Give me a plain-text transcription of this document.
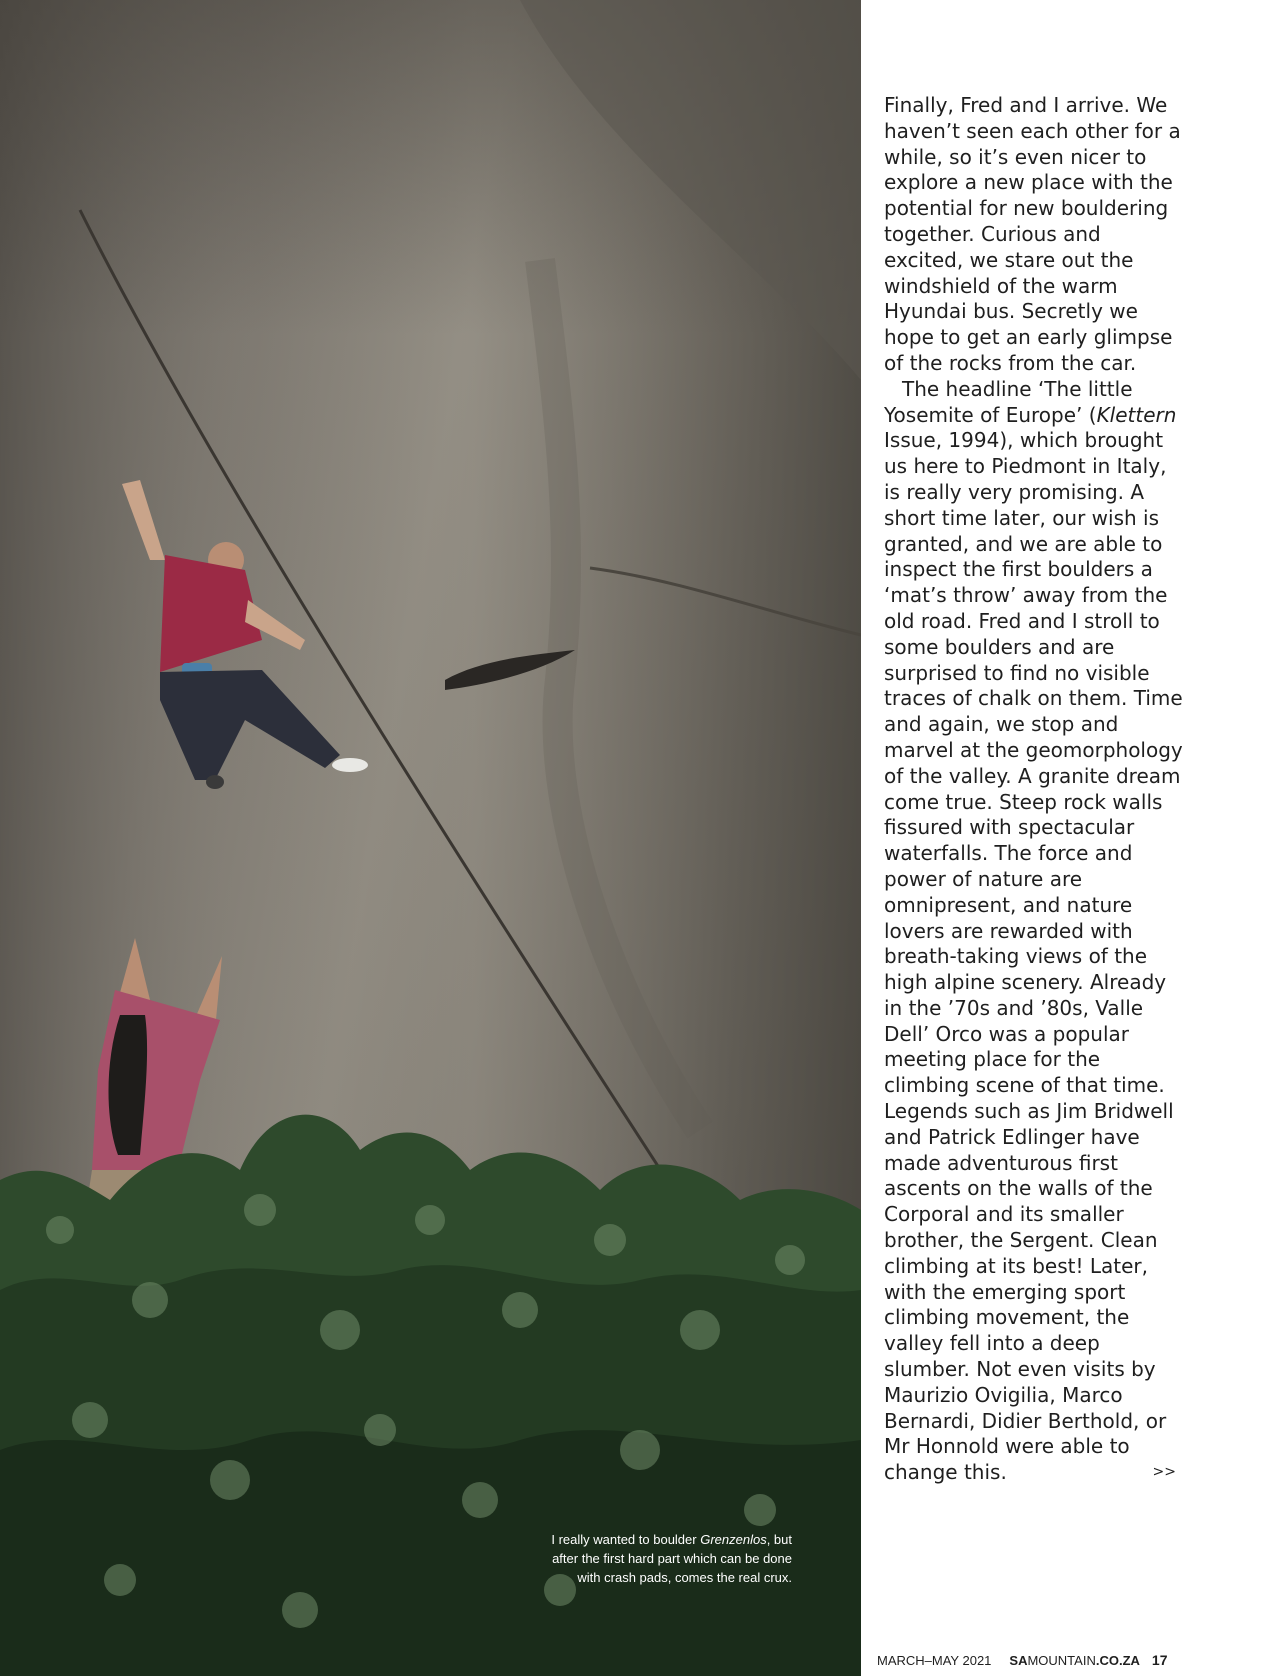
I really wanted to boulder Grenzenlos, but
after the first hard part which can be done
with crash pads, comes the real crux.

Finally, Fred and I arrive. We haven’t seen each other for a while, so it’s even nicer to explore a new place with the potential for new bouldering together. Curious and excited, we stare out the windshield of the warm Hyundai bus. Secretly we hope to get an early glimpse of the rocks from the car.

The headline ‘The little Yosemite of Europe’ (Klettern Issue, 1994), which brought us here to Piedmont in Italy, is really very promising. A short time later, our wish is granted, and we are able to inspect the first boulders a ‘mat’s throw’ away from the old road. Fred and I stroll to some boulders and are surprised to find no visible traces of chalk on them. Time and again, we stop and marvel at the geomorphology of the valley. A granite dream come true. Steep rock walls fissured with spectacular waterfalls. The force and power of nature are omnipresent, and nature lovers are rewarded with breath-taking views of the high alpine scenery. Already in the ’70s and ’80s, Valle Dell’ Orco was a popular meeting place for the climbing scene of that time. Legends such as Jim Bridwell and Patrick Edlinger have made adventurous first ascents on the walls of the Corporal and its smaller brother, the Sergent. Clean climbing at its best! Later, with the emerging sport climbing movement, the valley fell into a deep slumber. Not even visits by Maurizio Ovigilia, Marco Bernardi, Didier Berthold, or Mr Honnold were able to change this.	>>

MARCH–MAY 2021 SAMOUNTAIN.CO.ZA 17
